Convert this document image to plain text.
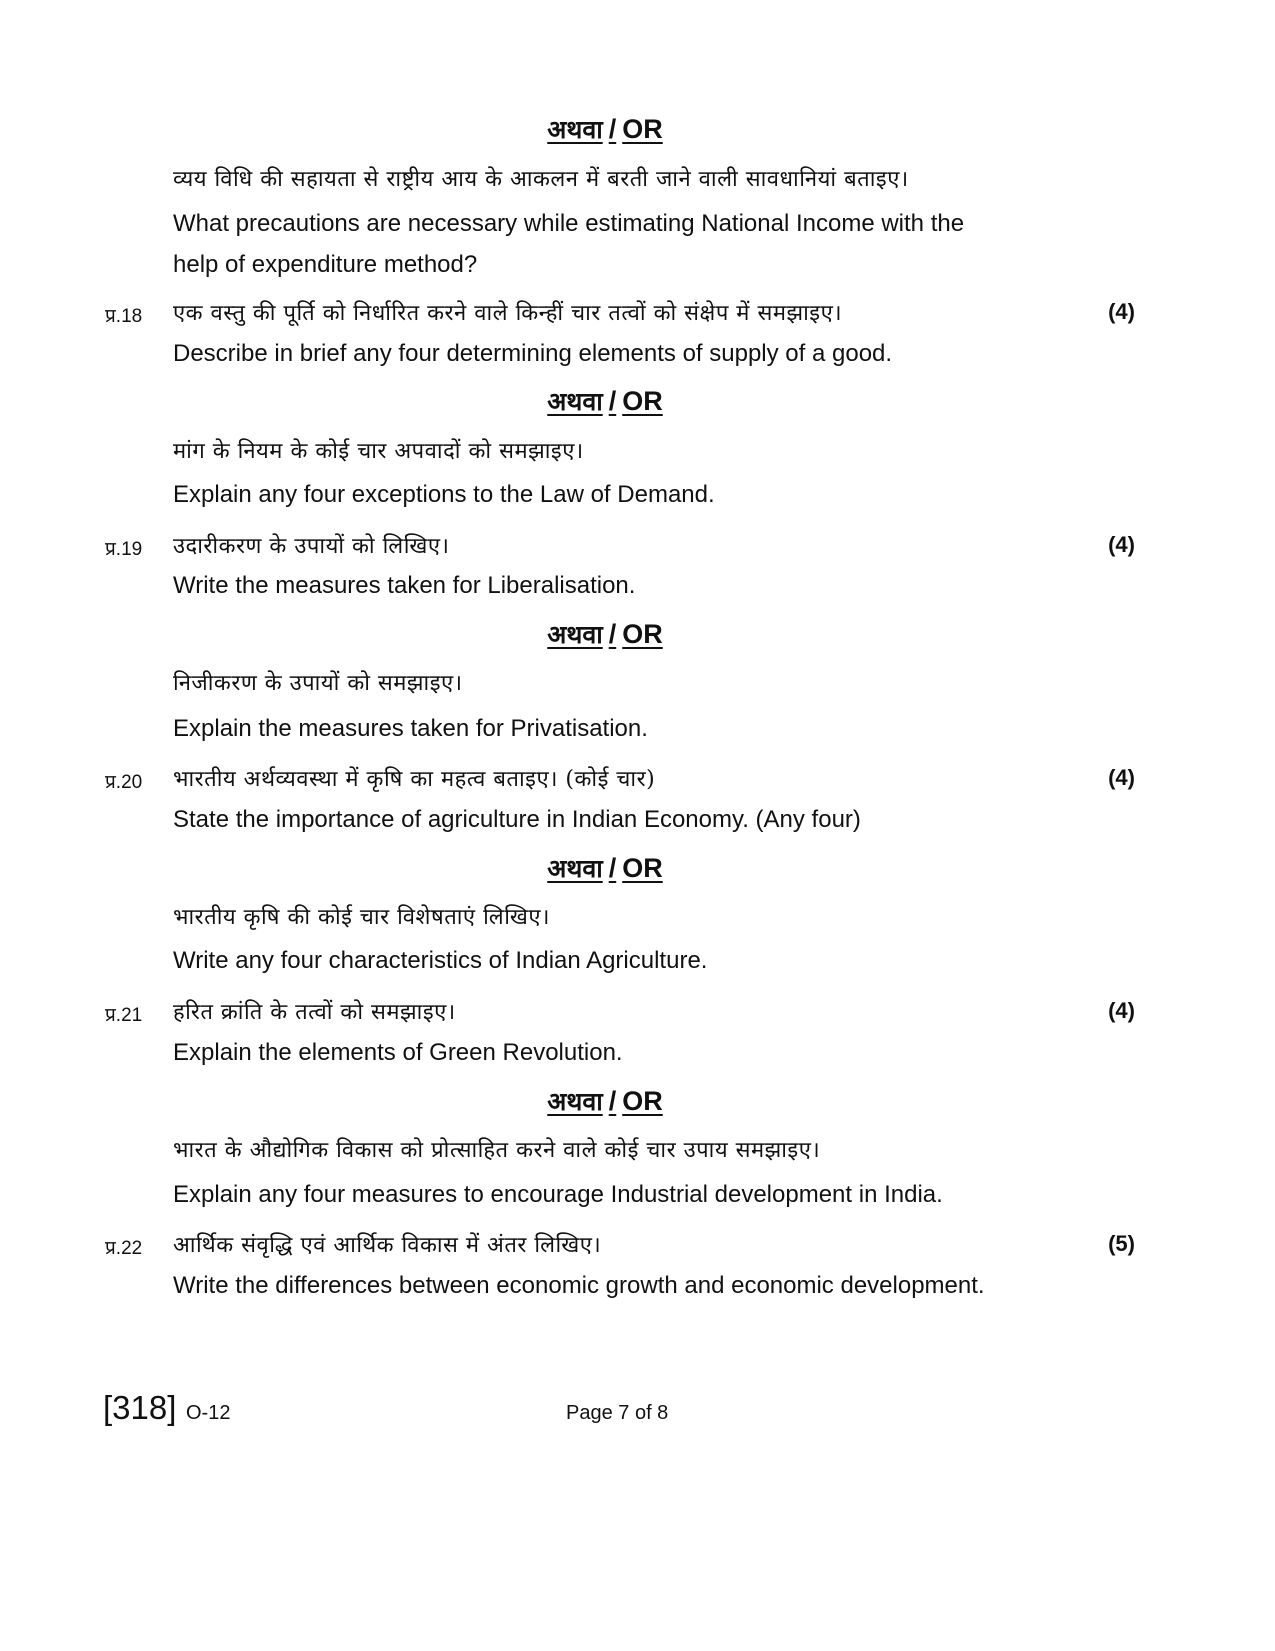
अथवा / OR
व्यय विधि की सहायता से राष्ट्रीय आय के आकलन में बरती जाने वाली सावधानियां बताइए।
What precautions are necessary while estimating National Income with the
help of expenditure method?
प्र.18	(4)
एक वस्तु की पूर्ति को निर्धारित करने वाले किन्हीं चार तत्वों को संक्षेप में समझाइए।
Describe in brief any four determining elements of supply of a good.
अथवा / OR
मांग के नियम के कोई चार अपवादों को समझाइए।
Explain any four exceptions to the Law of Demand.
प्र.19	(4)
उदारीकरण के उपायों को लिखिए।
Write the measures taken for Liberalisation.
अथवा / OR
निजीकरण के उपायों को समझाइए।
Explain the measures taken for Privatisation.
प्र.20	(4)
भारतीय अर्थव्यवस्था में कृषि का महत्व बताइए। (कोई चार)
State the importance of agriculture in Indian Economy. (Any four)
अथवा / OR
भारतीय कृषि की कोई चार विशेषताएं लिखिए।
Write any four characteristics of Indian Agriculture.
प्र.21	(4)
हरित क्रांति के तत्वों को समझाइए।
Explain the elements of Green Revolution.
अथवा / OR
भारत के औद्योगिक विकास को प्रोत्साहित करने वाले कोई चार उपाय समझाइए।
Explain any four measures to encourage Industrial development in India.
प्र.22	(5)
आर्थिक संवृद्धि एवं आर्थिक विकास में अंतर लिखिए।
Write the differences between economic growth and economic development.
[318] O-12	Page 7 of 8
